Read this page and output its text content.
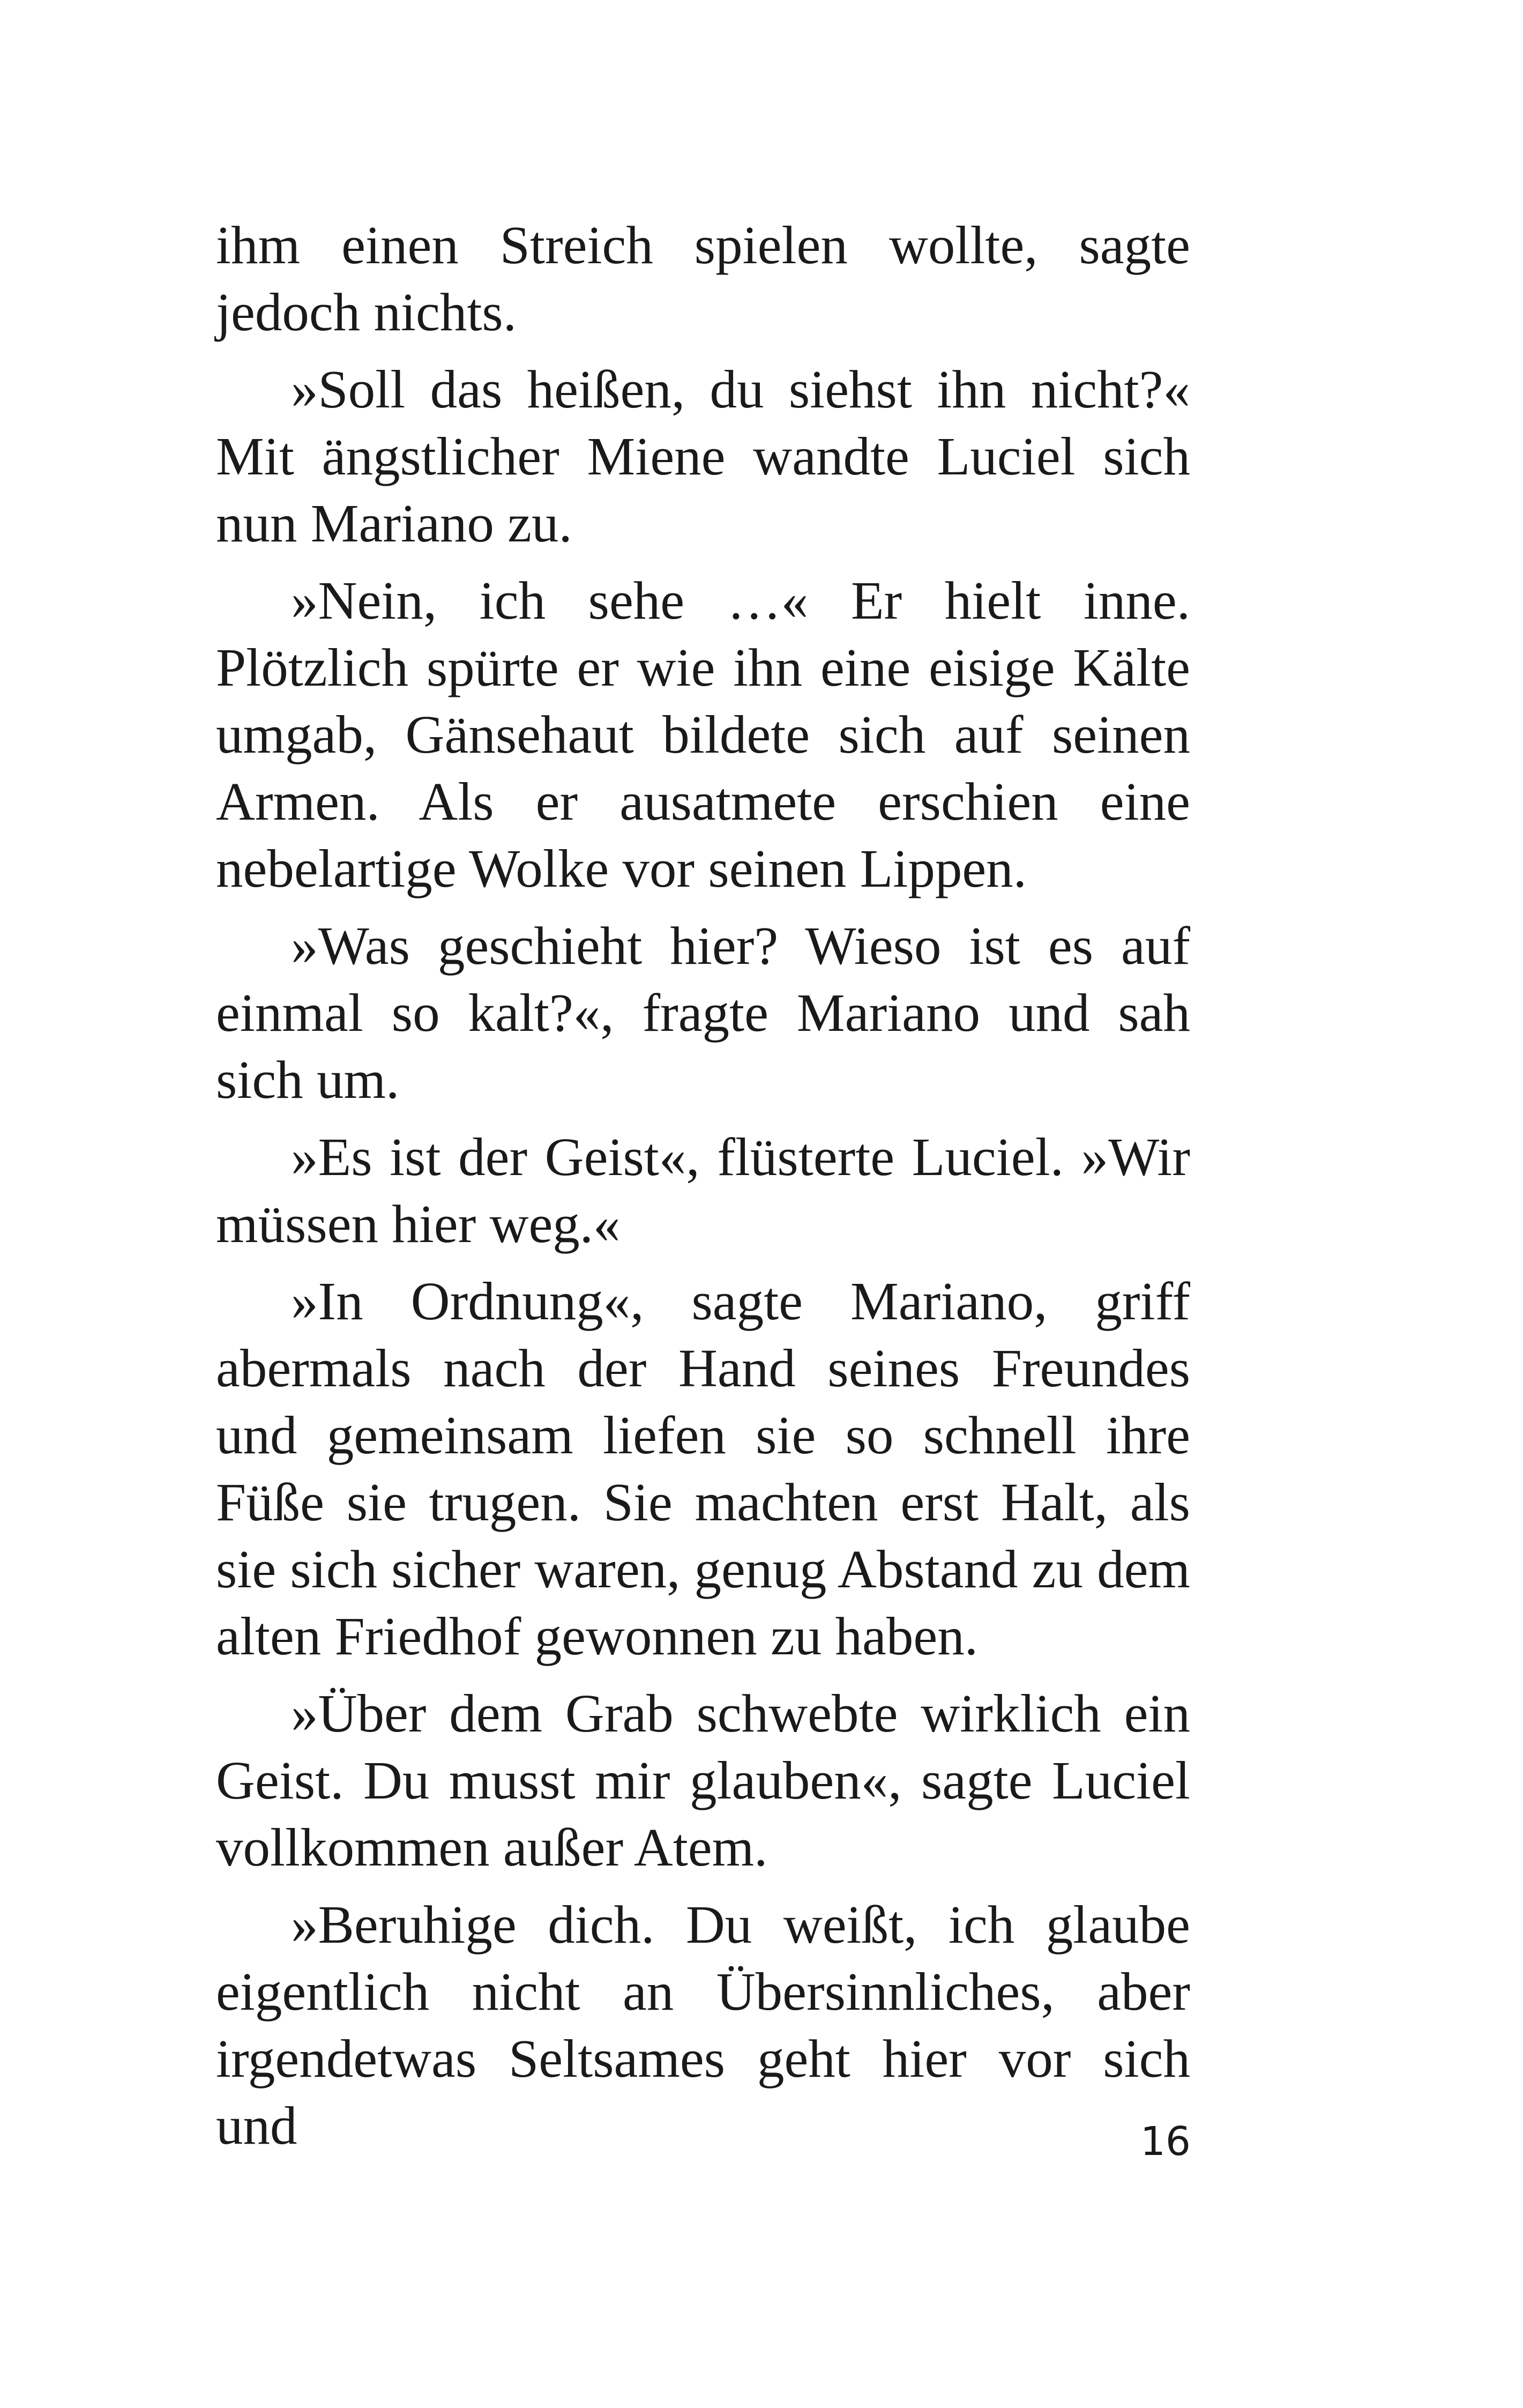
ihm einen Streich spielen wollte, sagte jedoch nichts.

»Soll das heißen, du siehst ihn nicht?« Mit ängstlicher Miene wandte Luciel sich nun Mariano zu.

»Nein, ich sehe …« Er hielt inne. Plötzlich spürte er wie ihn eine eisige Kälte umgab, Gänsehaut bildete sich auf seinen Armen. Als er ausatmete erschien eine nebelartige Wolke vor seinen Lippen.

»Was geschieht hier? Wieso ist es auf einmal so kalt?«, fragte Mariano und sah sich um.

»Es ist der Geist«, flüsterte Luciel. »Wir müssen hier weg.«

»In Ordnung«, sagte Mariano, griff abermals nach der Hand seines Freundes und gemeinsam liefen sie so schnell ihre Füße sie trugen. Sie machten erst Halt, als sie sich sicher waren, genug Abstand zu dem alten Friedhof gewonnen zu haben.

»Über dem Grab schwebte wirklich ein Geist. Du musst mir glauben«, sagte Luciel vollkommen außer Atem.

»Beruhige dich. Du weißt, ich glaube eigentlich nicht an Übersinnliches, aber irgendetwas Seltsames geht hier vor sich und	16
